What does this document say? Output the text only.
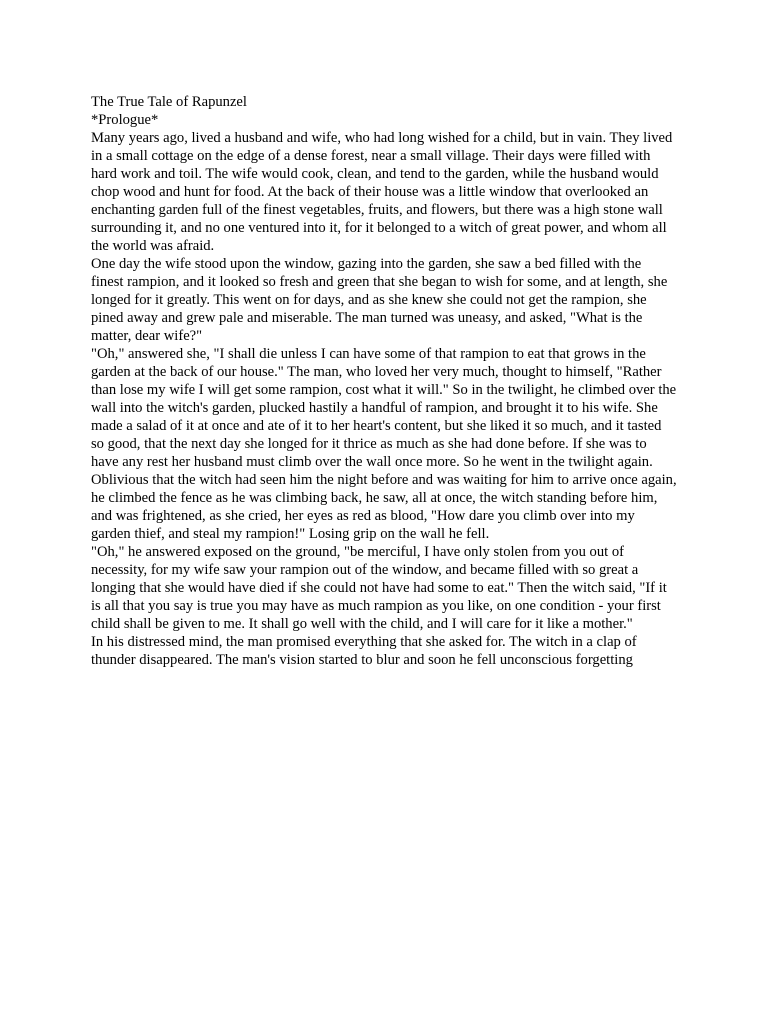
The True Tale of Rapunzel

*Prologue*

Many years ago, lived a husband and wife, who had long wished for a child, but in vain. They lived in a small cottage on the edge of a dense forest, near a small village. Their days were filled with hard work and toil. The wife would cook, clean, and tend to the garden, while the husband would chop wood and hunt for food. At the back of their house was a little window that overlooked an enchanting garden full of the finest vegetables, fruits, and flowers, but there was a high stone wall surrounding it, and no one ventured into it, for it belonged to a witch of great power, and whom all the world was afraid.

One day the wife stood upon the window, gazing into the garden, she saw a bed filled with the finest rampion, and it looked so fresh and green that she began to wish for some, and at length, she longed for it greatly. This went on for days, and as she knew she could not get the rampion, she pined away and grew pale and miserable. The man turned was uneasy, and asked, "What is the matter, dear wife?"

"Oh," answered she, "I shall die unless I can have some of that rampion to eat that grows in the garden at the back of our house." The man, who loved her very much, thought to himself, "Rather than lose my wife I will get some rampion, cost what it will." So in the twilight, he climbed over the wall into the witch's garden, plucked hastily a handful of rampion, and brought it to his wife. She made a salad of it at once and ate of it to her heart's content, but she liked it so much, and it tasted so good, that the next day she longed for it thrice as much as she had done before. If she was to have any rest her husband must climb over the wall once more. So he went in the twilight again. Oblivious that the witch had seen him the night before and was waiting for him to arrive once again, he climbed the fence as he was climbing back, he saw, all at once, the witch standing before him, and was frightened, as she cried, her eyes as red as blood, "How dare you climb over into my garden thief, and steal my rampion!" Losing grip on the wall he fell.

"Oh," he answered exposed on the ground, "be merciful, I have only stolen from you out of necessity, for my wife saw your rampion out of the window, and became filled with so great a longing that she would have died if she could not have had some to eat." Then the witch said, "If it is all that you say is true you may have as much rampion as you like, on one condition - your first child shall be given to me. It shall go well with the child, and I will care for it like a mother."

In his distressed mind, the man promised everything that she asked for. The witch in a clap of thunder disappeared. The man's vision started to blur and soon he fell unconscious forgetting
